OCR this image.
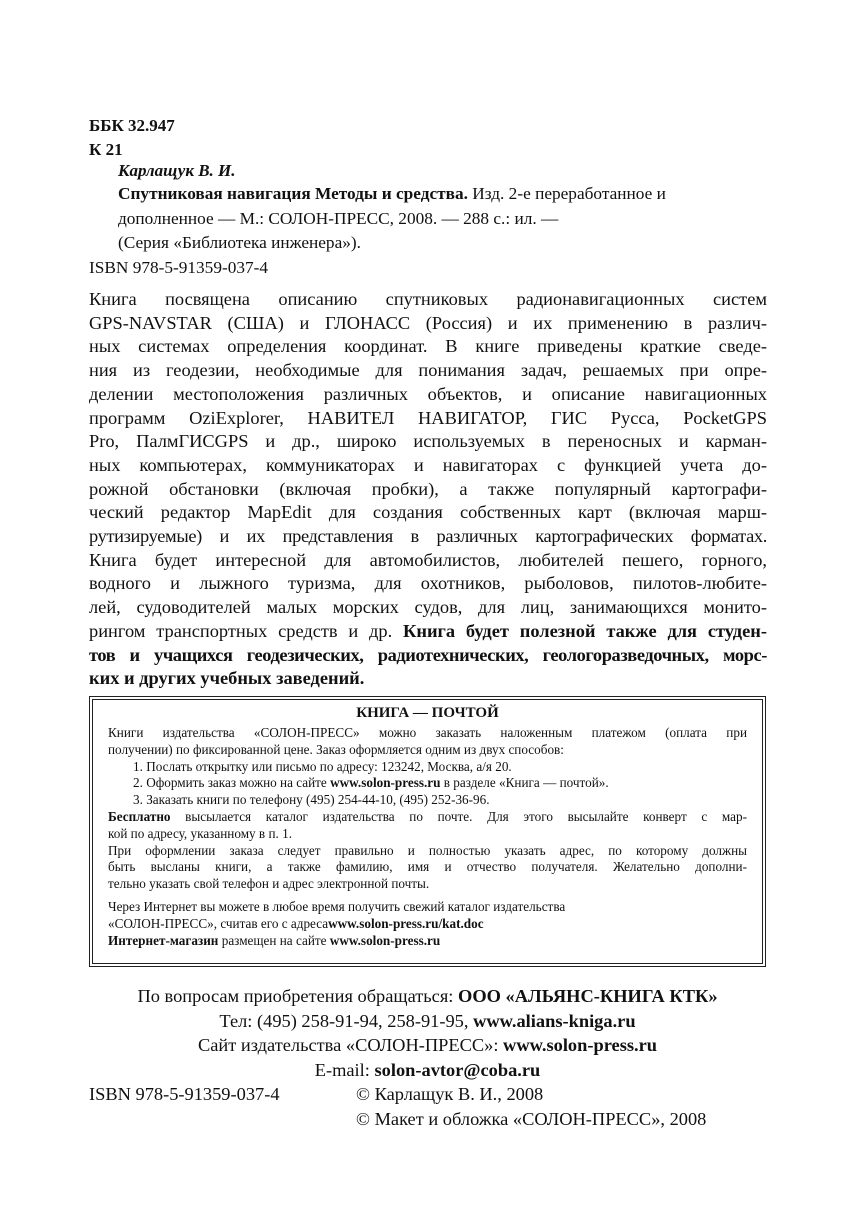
ББК 32.947
К 21
Карлащук В. И.
Спутниковая навигация Методы и средства. Изд. 2-е переработанное и
дополненное — М.: СОЛОН-ПРЕСС, 2008. — 288 с.: ил. —
(Серия «Библиотека инженера»).
ISBN 978-5-91359-037-4
Книга посвящена описанию спутниковых радионавигационных систем
GPS-NAVSTAR (США) и ГЛОНАСС (Россия) и их применению в различ-
ных системах определения координат. В книге приведены краткие сведе-
ния из геодезии, необходимые для понимания задач, решаемых при опре-
делении местоположения различных объектов, и описание навигационных
программ OziExplorer, НАВИТЕЛ НАВИГАТОР, ГИС Русса, PocketGPS
Pro, ПалмГИСGPS и др., широко используемых в переносных и карман-
ных компьютерах, коммуникаторах и навигаторах с функцией учета до-
рожной обстановки (включая пробки), а также популярный картографи-
ческий редактор MapEdit для создания собственных карт (включая марш-
рутизируемые) и их представления в различных картографических форматах.
Книга будет интересной для автомобилистов, любителей пешего, горного,
водного и лыжного туризма, для охотников, рыболовов, пилотов-любите-
лей, судоводителей малых морских судов, для лиц, занимающихся монито-
рингом транспортных средств и др. Книга будет полезной также для студен-
тов и учащихся геодезических, радиотехнических, геологоразведочных, морс-
ких и других учебных заведений.
КНИГА — ПОЧТОЙ
Книги издательства «СОЛОН-ПРЕСС» можно заказать наложенным платежом (оплата при
получении) по фиксированной цене. Заказ оформляется одним из двух способов:
1. Послать открытку или письмо по адресу: 123242, Москва, а/я 20.
2. Оформить заказ можно на сайте www.solon-press.ru в разделе «Книга — почтой».
3. Заказать книги по телефону (495) 254-44-10, (495) 252-36-96.
Бесплатно высылается каталог издательства по почте. Для этого высылайте конверт с мар-
кой по адресу, указанному в п. 1.
При оформлении заказа следует правильно и полностью указать адрес, по которому должны
быть высланы книги, а также фамилию, имя и отчество получателя. Желательно дополни-
тельно указать свой телефон и адрес электронной почты.
Через Интернет вы можете в любое время получить свежий каталог издательства
«СОЛОН-ПРЕСС», считав его с адресаwww.solon-press.ru/kat.doc
Интернет-магазин размещен на сайте www.solon-press.ru
По вопросам приобретения обращаться: ООО «АЛЬЯНС-КНИГА КТК»
Тел: (495) 258-91-94, 258-91-95, www.alians-kniga.ru
Сайт издательства «СОЛОН-ПРЕСС»: www.solon-press.ru
E-mail: solon-avtor@coba.ru
ISBN 978-5-91359-037-4	© Карлащук В. И., 2008
© Макет и обложка «СОЛОН-ПРЕСС», 2008
